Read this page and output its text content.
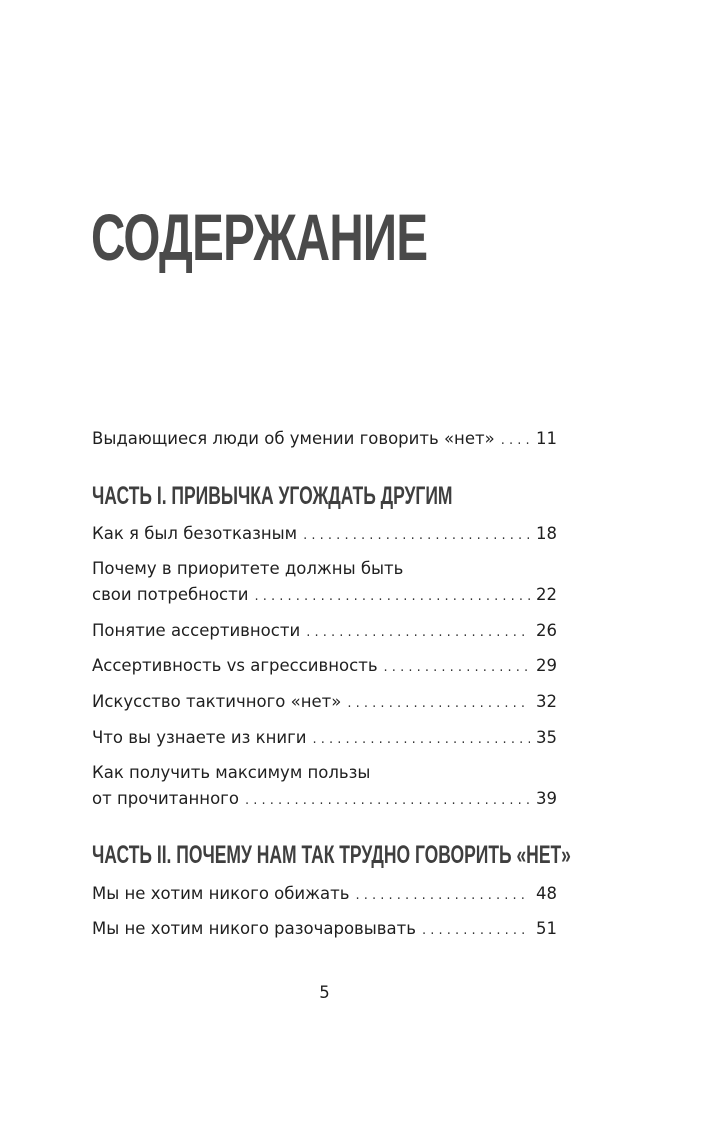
СОДЕРЖАНИЕ
Выдающиеся люди об умении говорить «нет» . . .	11
ЧАСТЬ I. ПРИВЫЧКА УГОЖДАТЬ ДРУГИМ
Как я был безотказным . . .	18
Почему в приоритете должны быть
свои потребности . . .	22
Понятие ассертивности . . .	26
Ассертивность vs агрессивность . . .	29
Искусство тактичного «нет» . . .	32
Что вы узнаете из книги . . .	35
Как получить максимум пользы
от прочитанного . . .	39
ЧАСТЬ II. ПОЧЕМУ НАМ ТАК ТРУДНО ГОВОРИТЬ «НЕТ»
Мы не хотим никого обижать . . .	48
Мы не хотим никого разочаровывать . . .	51
5
